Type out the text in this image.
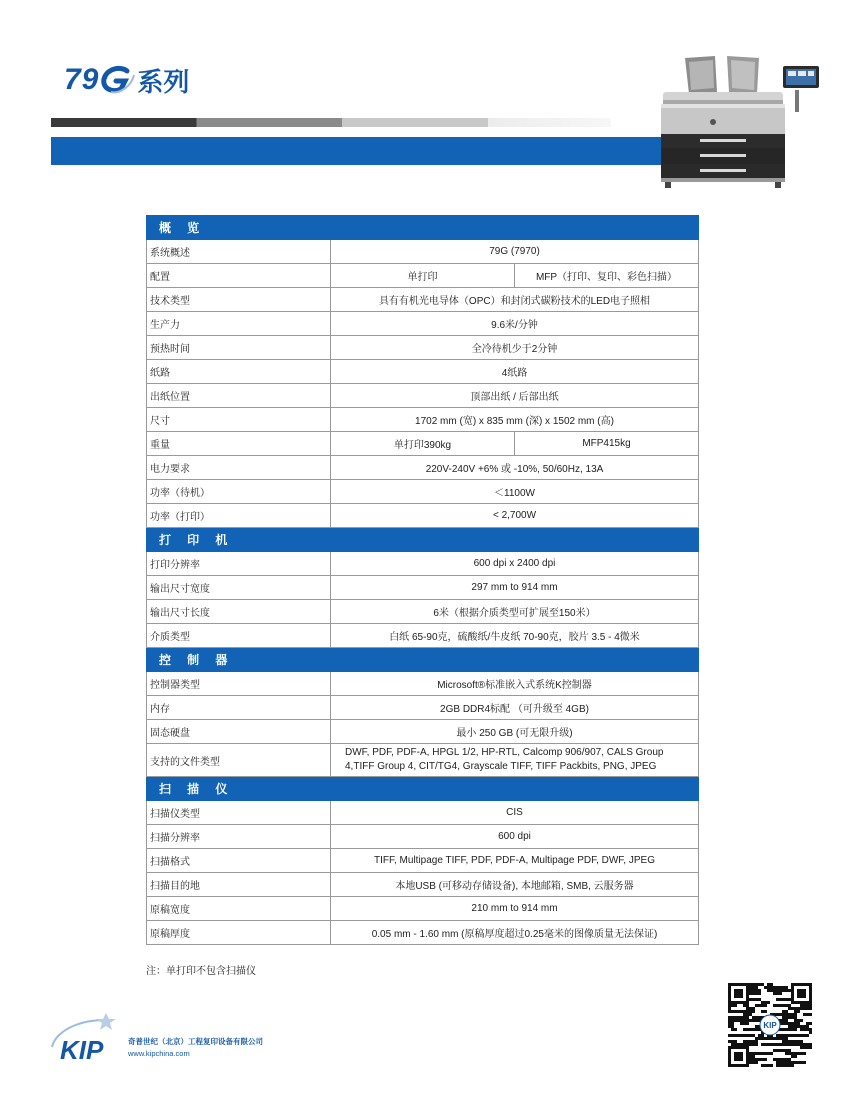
79 系列
概 览		
系统概述	79G (7970)	
配置	单打印	MFP（打印、复印、彩色扫描）
技术类型	具有有机光电导体（OPC）和封闭式碳粉技术的LED电子照相	
生产力	9.6米/分钟	
预热时间	全冷待机少于2分钟	
纸路	4纸路	
出纸位置	顶部出纸 / 后部出纸	
尺寸	1702 mm (宽) x 835 mm (深) x 1502 mm (高)	
重量	单打印390kg	MFP415kg
电力要求	220V-240V +6% 或 -10%, 50/60Hz, 13A	
功率（待机）	＜1100W	
功率（打印）	< 2,700W	
打 印 机		
打印分辨率	600 dpi x 2400 dpi	
输出尺寸宽度	297 mm to 914 mm	
输出尺寸长度	6米（根据介质类型可扩展至150米）	
介质类型	白纸 65-90克，硫酸纸/牛皮纸 70-90克，胶片 3.5 - 4微米	
控 制 器		
控制器类型	Microsoft®标准嵌入式系统K控制器	
内存	2GB DDR4标配 （可升级至 4GB)	
固态硬盘	最小 250 GB (可无限升级)	
支持的文件类型	DWF, PDF, PDF-A, HPGL 1/2, HP-RTL, Calcomp 906/907, CALS Group 4,TIFF Group 4, CIT/TG4, Grayscale TIFF, TIFF Packbits, PNG, JPEG	
扫 描 仪		
扫描仪类型	CIS	
扫描分辨率	600 dpi	
扫描格式	TIFF, Multipage TIFF, PDF, PDF-A, Multipage PDF, DWF, JPEG	
扫描目的地	本地USB (可移动存储设备), 本地邮箱, SMB, 云服务器	
原稿宽度	210 mm to 914 mm	
原稿厚度	0.05 mm - 1.60 mm (原稿厚度超过0.25毫米的图像质量无法保证)	
注：单打印不包含扫描仪
KIP	奇普世纪（北京）工程复印设备有限公司
www.kipchina.com
KIP
